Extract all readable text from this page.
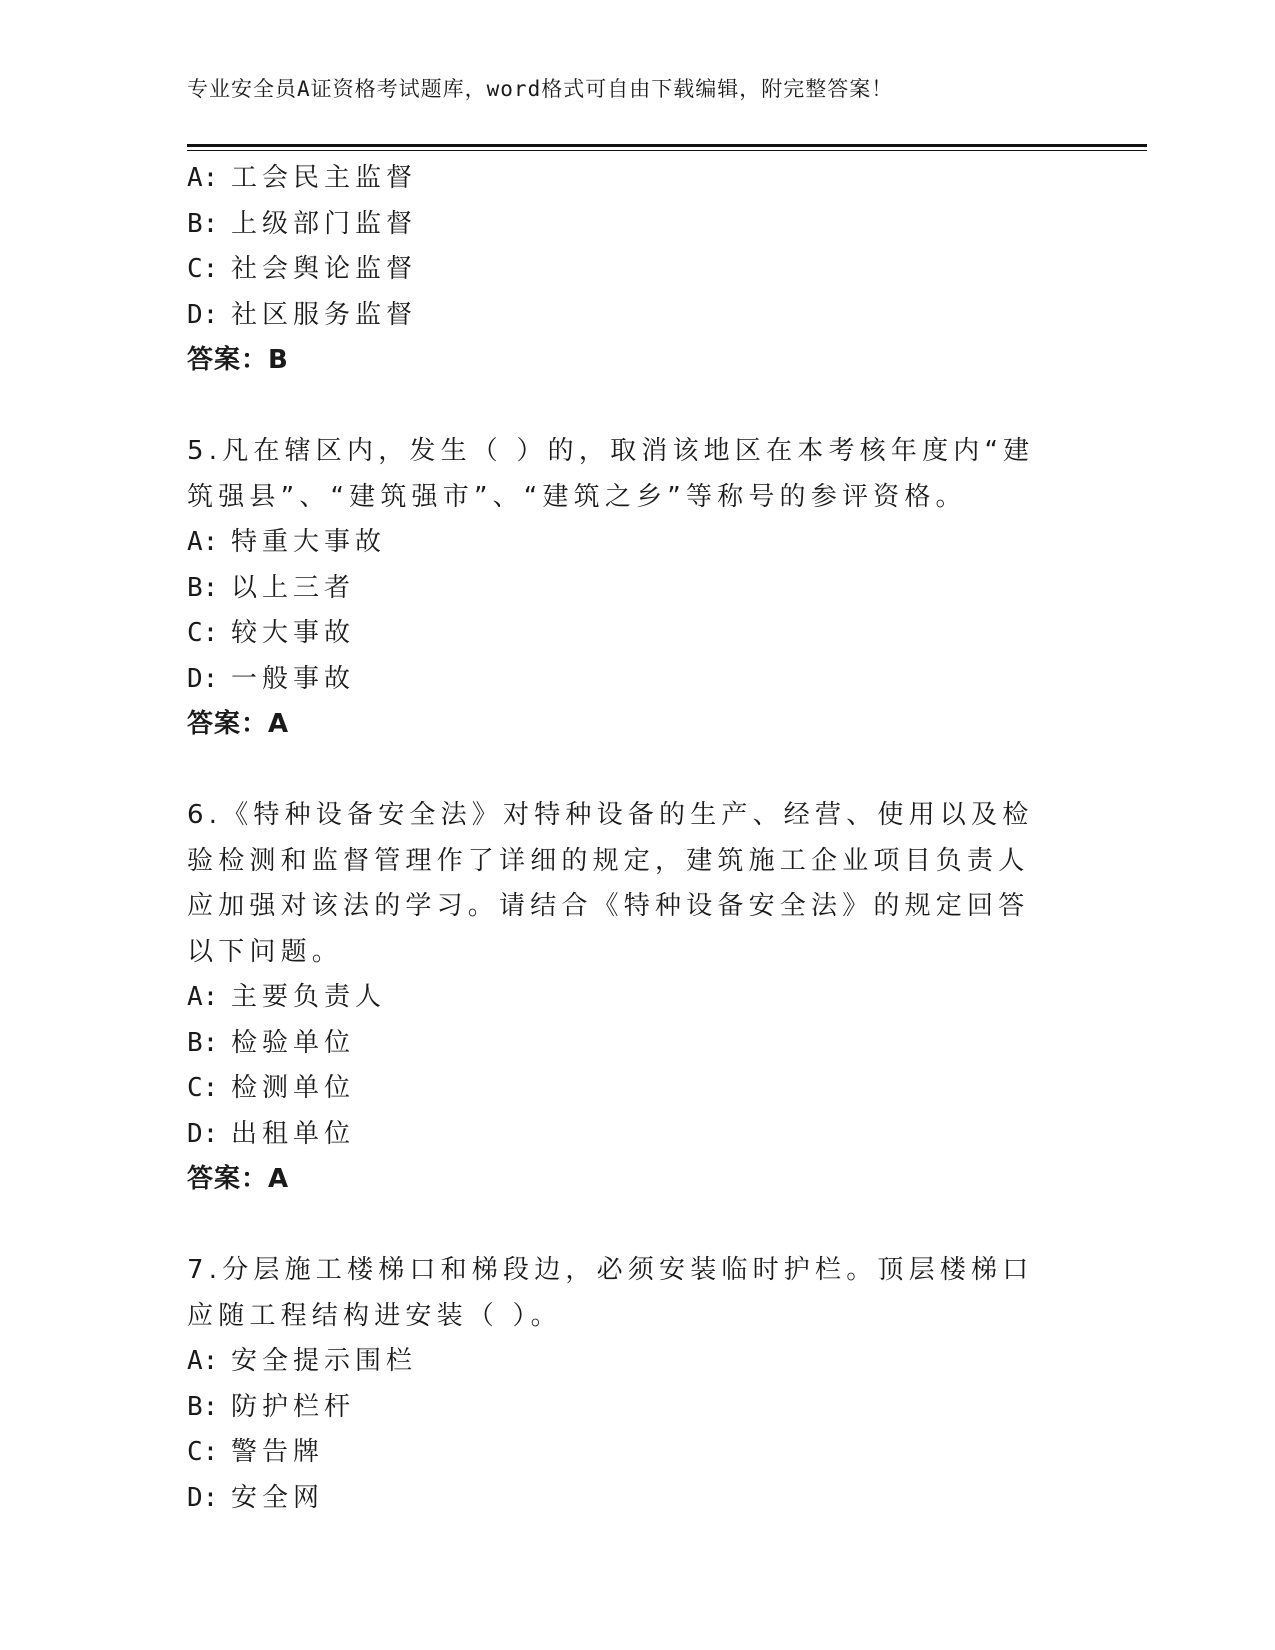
专业安全员A证资格考试题库，word格式可自由下载编辑，附完整答案！
A: 工会民主监督
B: 上级部门监督
C: 社会舆论监督
D: 社区服务监督
答案：B
5.凡在辖区内，发生（ ）的，取消该地区在本考核年度内“建筑强县”、“建筑强市”、“建筑之乡”等称号的参评资格。
A: 特重大事故
B: 以上三者
C: 较大事故
D: 一般事故
答案：A
6.《特种设备安全法》对特种设备的生产、经营、使用以及检验检测和监督管理作了详细的规定，建筑施工企业项目负责人应加强对该法的学习。请结合《特种设备安全法》的规定回答以下问题。
A: 主要负责人
B: 检验单位
C: 检测单位
D: 出租单位
答案：A
7.分层施工楼梯口和梯段边，必须安装临时护栏。顶层楼梯口应随工程结构进安装（ ）。
A: 安全提示围栏
B: 防护栏杆
C: 警告牌
D: 安全网
